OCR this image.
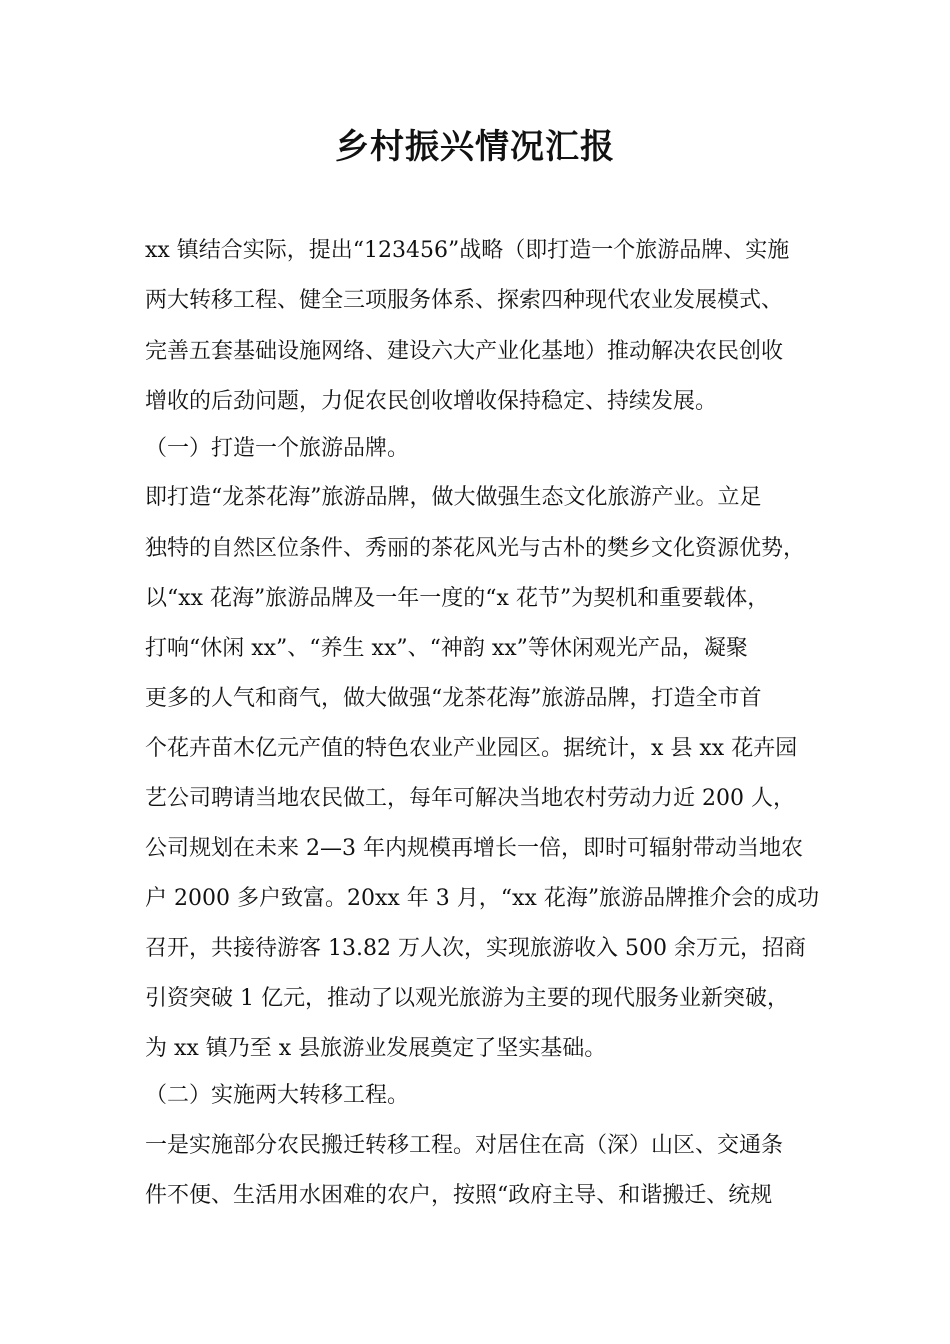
乡村振兴情况汇报
xx 镇结合实际，提出“123456”战略（即打造一个旅游品牌、实施
两大转移工程、健全三项服务体系、探索四种现代农业发展模式、
完善五套基础设施网络、建设六大产业化基地）推动解决农民创收
增收的后劲问题，力促农民创收增收保持稳定、持续发展。
（一）打造一个旅游品牌。
即打造“龙茶花海”旅游品牌，做大做强生态文化旅游产业。立足
独特的自然区位条件、秀丽的茶花风光与古朴的樊乡文化资源优势，
以“xx 花海”旅游品牌及一年一度的“x 花节”为契机和重要载体，
打响“休闲 xx”、“养生 xx”、“神韵 xx”等休闲观光产品，凝聚
更多的人气和商气，做大做强“龙茶花海”旅游品牌，打造全市首
个花卉苗木亿元产值的特色农业产业园区。据统计，x 县 xx 花卉园
艺公司聘请当地农民做工，每年可解决当地农村劳动力近 200 人，
公司规划在未来 2—3 年内规模再增长一倍，即时可辐射带动当地农
户 2000 多户致富。20xx 年 3 月，“xx 花海”旅游品牌推介会的成功
召开，共接待游客 13.82 万人次，实现旅游收入 500 余万元，招商
引资突破 1 亿元，推动了以观光旅游为主要的现代服务业新突破，
为 xx 镇乃至 x 县旅游业发展奠定了坚实基础。
（二）实施两大转移工程。
一是实施部分农民搬迁转移工程。对居住在高（深）山区、交通条
件不便、生活用水困难的农户，按照“政府主导、和谐搬迁、统规
